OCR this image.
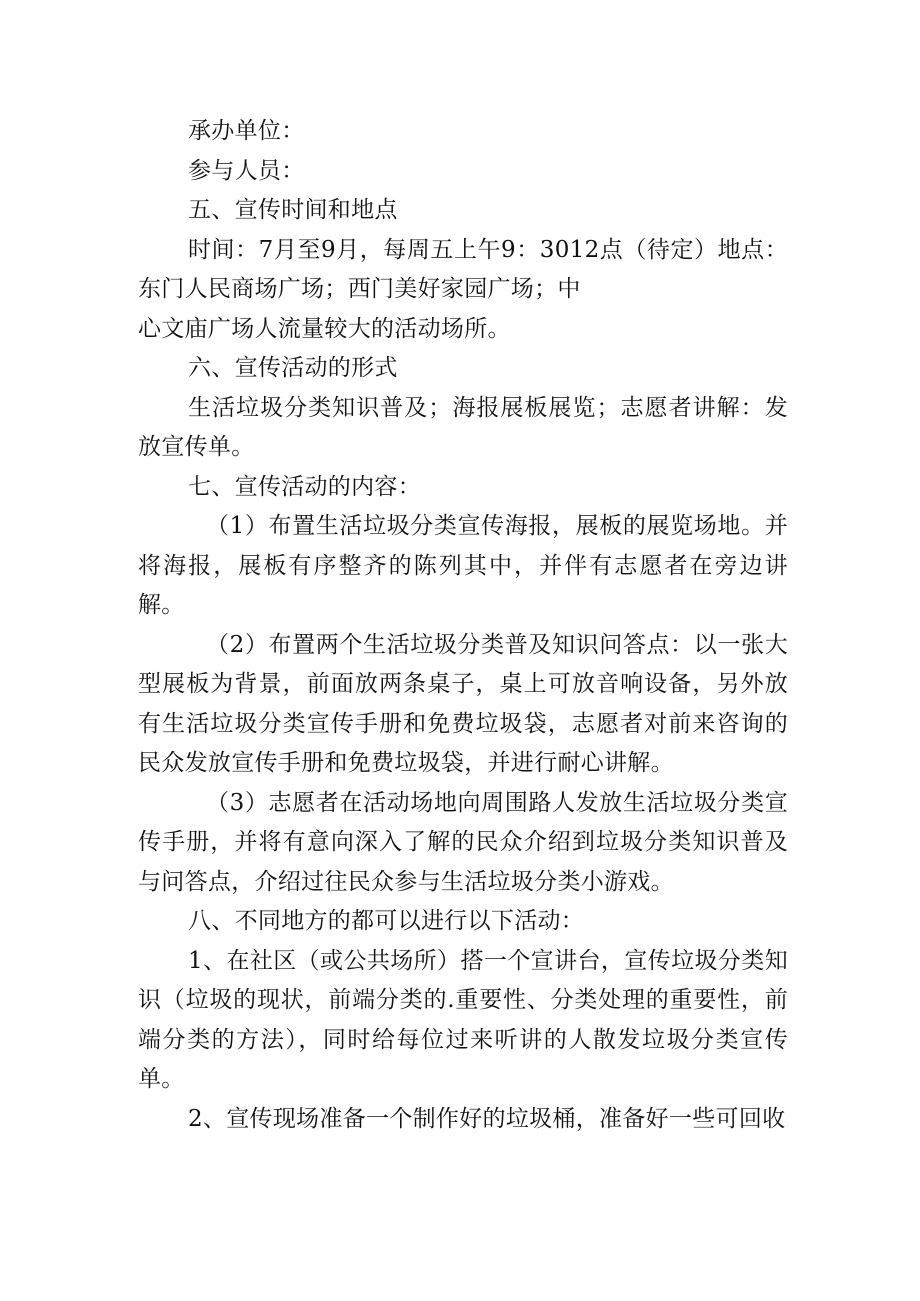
承办单位：

参与人员：

五、宣传时间和地点

时间：7月至9月，每周五上午9：3012点（待定）地点：东门人民商场广场；西门美好家园广场；中

心文庙广场人流量较大的活动场所。

六、宣传活动的形式

生活垃圾分类知识普及；海报展板展览；志愿者讲解：发放宣传单。

七、宣传活动的内容：

（1）布置生活垃圾分类宣传海报，展板的展览场地。并将海报，展板有序整齐的陈列其中，并伴有志愿者在旁边讲解。

（2）布置两个生活垃圾分类普及知识问答点：以一张大型展板为背景，前面放两条桌子，桌上可放音响设备，另外放有生活垃圾分类宣传手册和免费垃圾袋，志愿者对前来咨询的民众发放宣传手册和免费垃圾袋，并进行耐心讲解。

（3）志愿者在活动场地向周围路人发放生活垃圾分类宣传手册，并将有意向深入了解的民众介绍到垃圾分类知识普及与问答点，介绍过往民众参与生活垃圾分类小游戏。

八、不同地方的都可以进行以下活动：

1、在社区（或公共场所）搭一个宣讲台，宣传垃圾分类知识（垃圾的现状，前端分类的.重要性、分类处理的重要性，前端分类的方法），同时给每位过来听讲的人散发垃圾分类宣传单。

2、宣传现场准备一个制作好的垃圾桶，准备好一些可回收
